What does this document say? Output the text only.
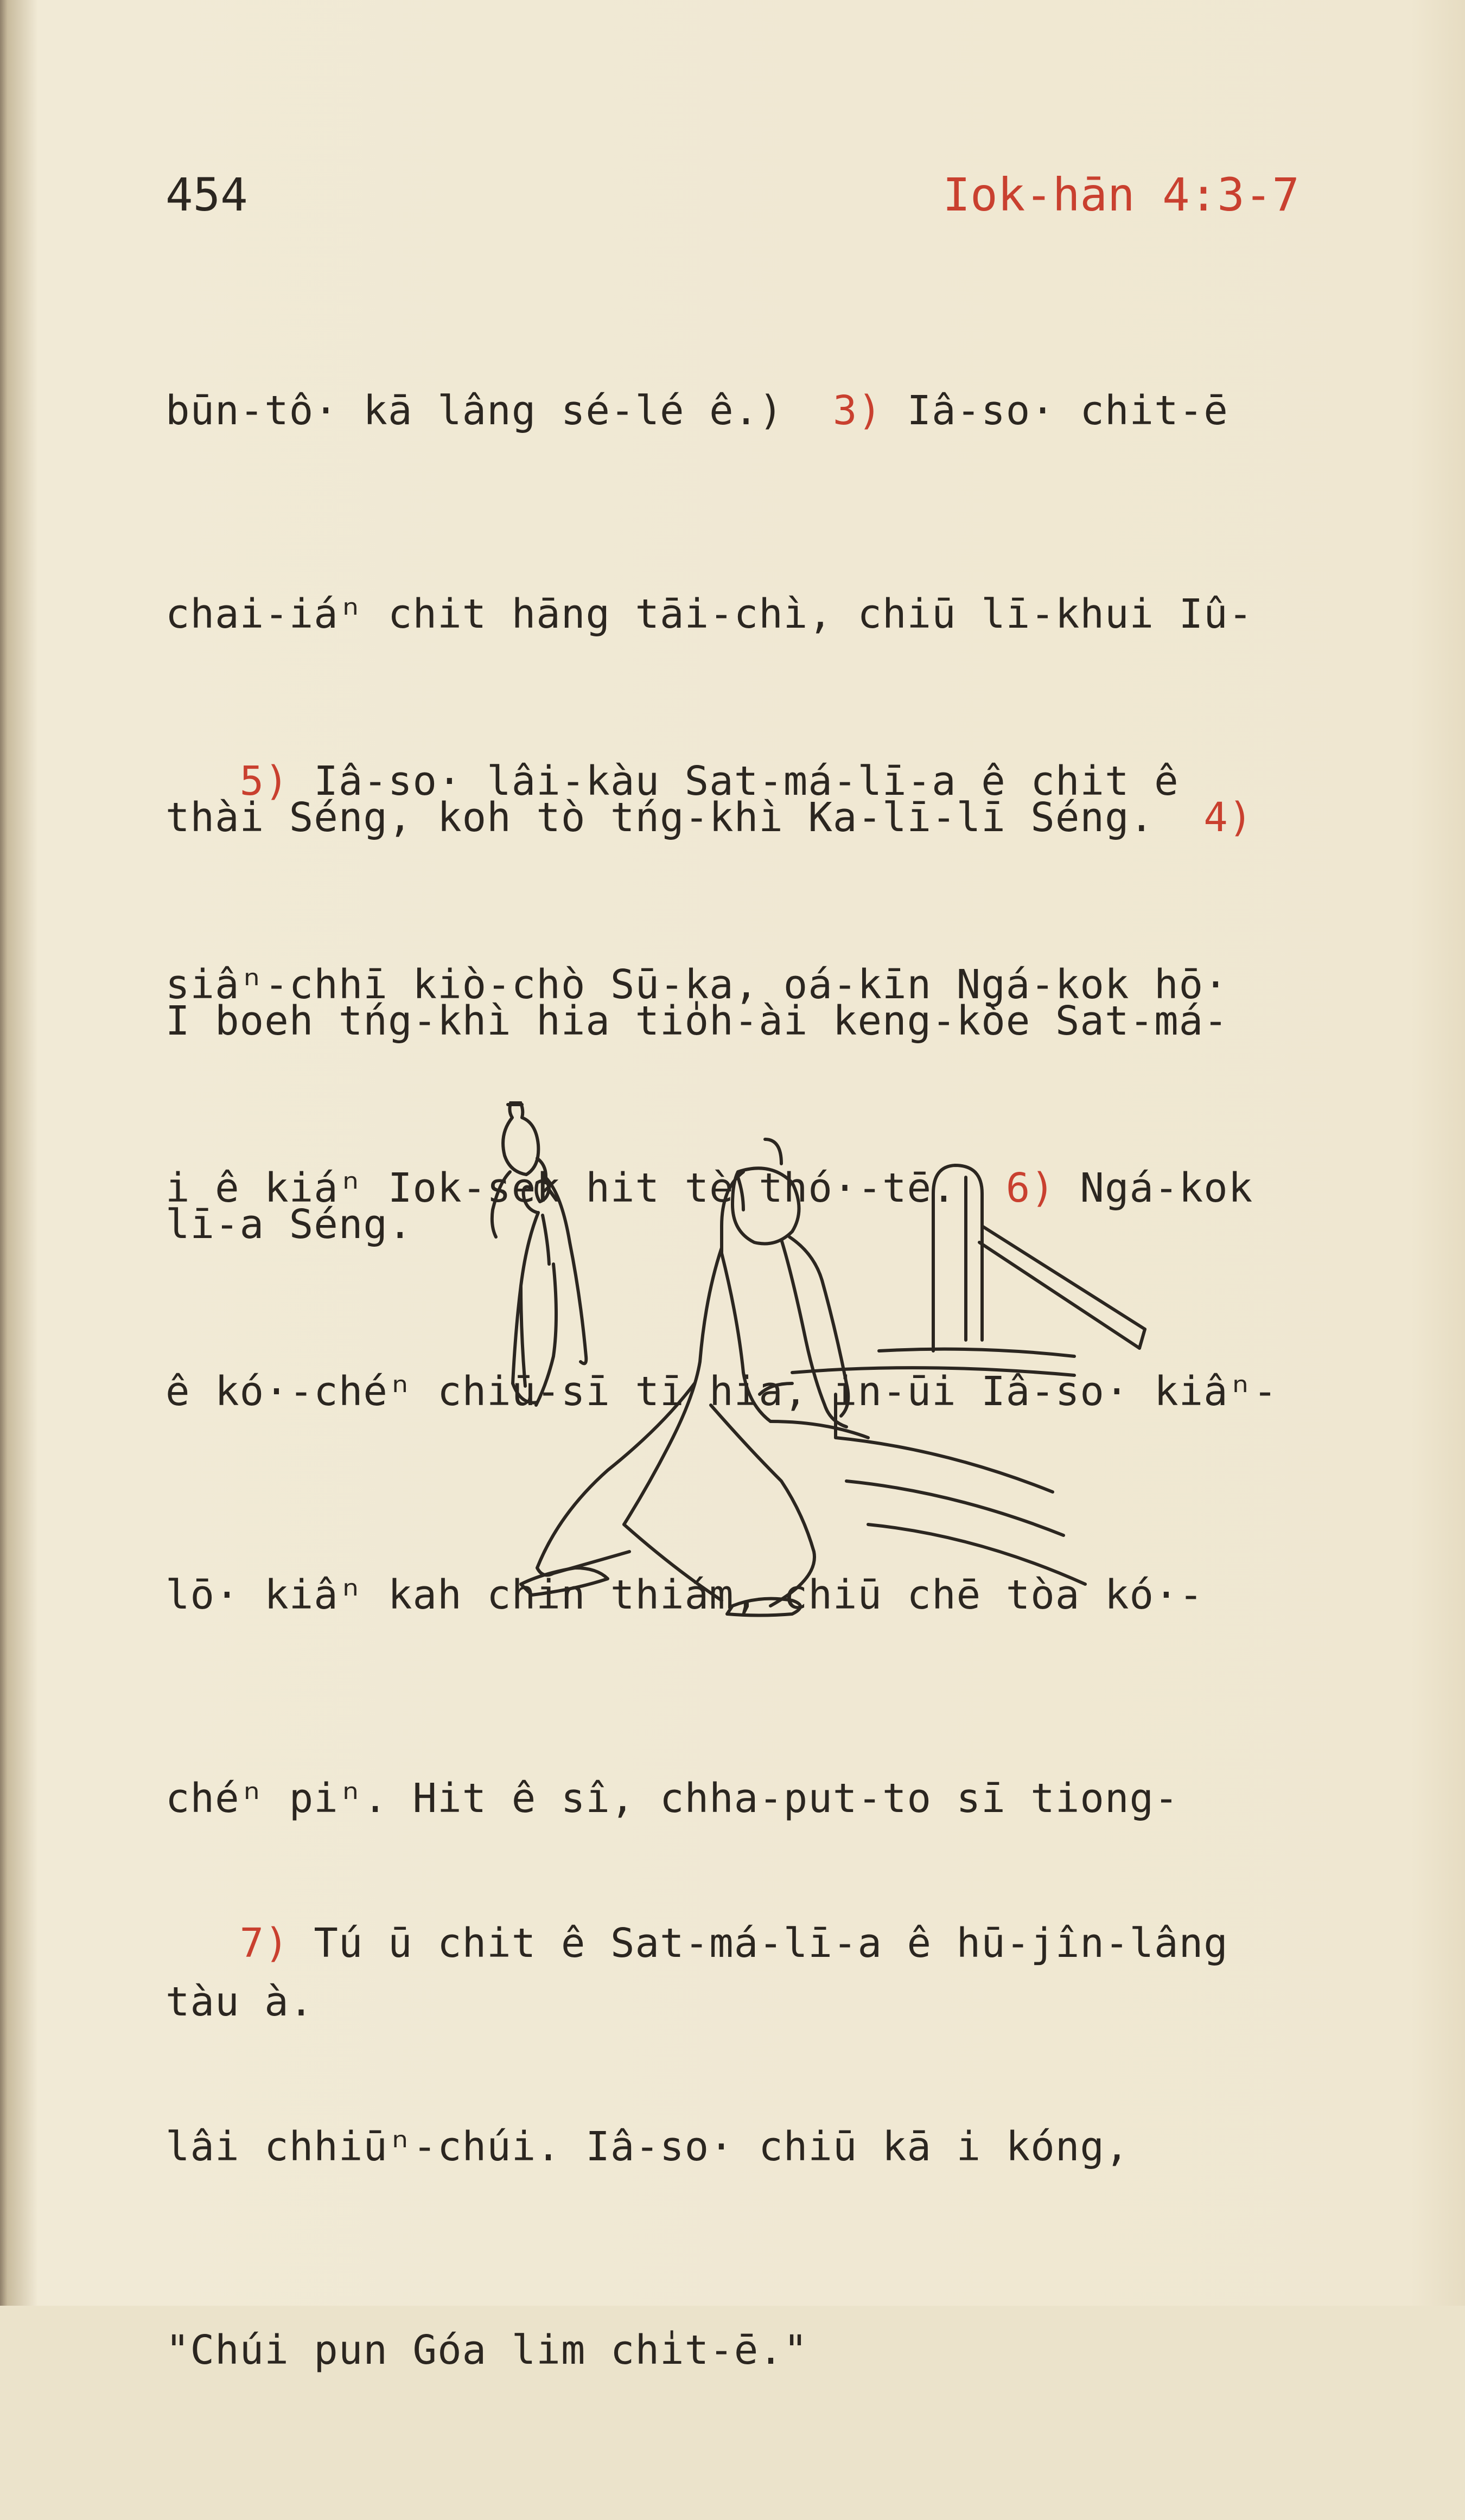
454	Iok-hān 4:3-7

būn-tô· kā lâng sé-lé ê.)  3) Iâ-so· chit-ē

chai-iáⁿ chit hāng tāi-chì, chiū lī-khui Iû-

thài Séng, koh tò tńg-khì Ka-lī-lī Séng.  4)

I boeh tńg-khì hia tio̍h-ài keng-kòe Sat-má-

lī-a Séng.

5) Iâ-so· lâi-kàu Sat-má-lī-a ê chit ê

siâⁿ-chhī kiò-chò Sū-ka, oá-kīn Ngá-kok hō·

i ê kiáⁿ Iok-sek hit tè thó·-tē.  6) Ngá-kok

ê kó·-chéⁿ chiū-sī tī hia, in-ūi Iâ-so· kiâⁿ-

lō· kiâⁿ kah chin thiám, chiū chē tòa kó·-

chéⁿ piⁿ. Hit ê sî, chha-put-to sī tiong-

tàu à.

7) Tú ū chit ê Sat-má-lī-a ê hū-jîn-lâng

lâi chhiūⁿ-chúi. Iâ-so· chiū kā i kóng,

"Chúi pun Góa lim chi̍t-ē."
